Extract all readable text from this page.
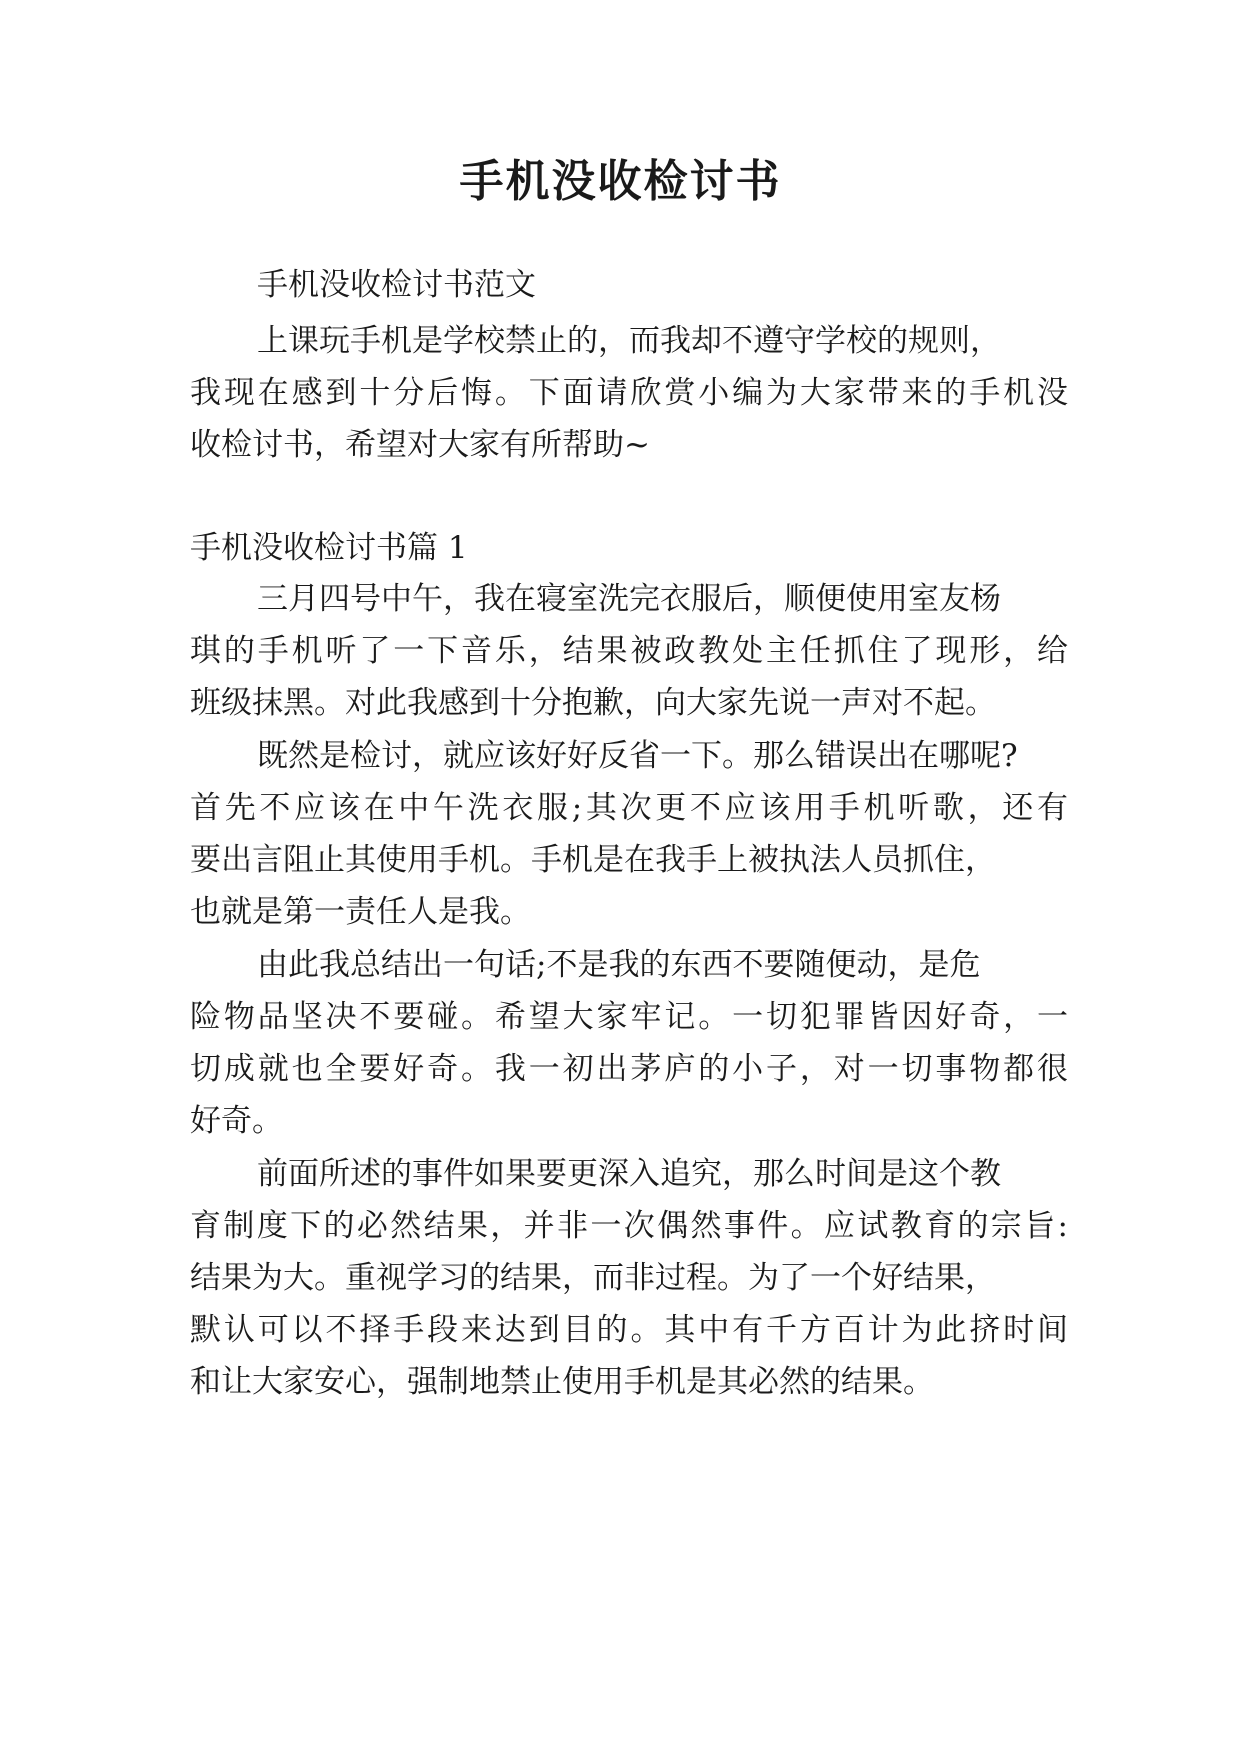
手机没收检讨书
手机没收检讨书范文
上课玩手机是学校禁止的，而我却不遵守学校的规则，
我现在感到十分后悔。下面请欣赏小编为大家带来的手机没
收检讨书，希望对大家有所帮助~
手机没收检讨书篇 1
三月四号中午，我在寝室洗完衣服后，顺便使用室友杨
琪的手机听了一下音乐，结果被政教处主任抓住了现形，给
班级抹黑。对此我感到十分抱歉，向大家先说一声对不起。
既然是检讨，就应该好好反省一下。那么错误出在哪呢?
首先不应该在中午洗衣服;其次更不应该用手机听歌，还有
要出言阻止其使用手机。手机是在我手上被执法人员抓住，
也就是第一责任人是我。
由此我总结出一句话;不是我的东西不要随便动，是危
险物品坚决不要碰。希望大家牢记。一切犯罪皆因好奇，一
切成就也全要好奇。我一初出茅庐的小子，对一切事物都很
好奇。
前面所述的事件如果要更深入追究，那么时间是这个教
育制度下的必然结果，并非一次偶然事件。应试教育的宗旨:
结果为大。重视学习的结果，而非过程。为了一个好结果，
默认可以不择手段来达到目的。其中有千方百计为此挤时间
和让大家安心，强制地禁止使用手机是其必然的结果。
